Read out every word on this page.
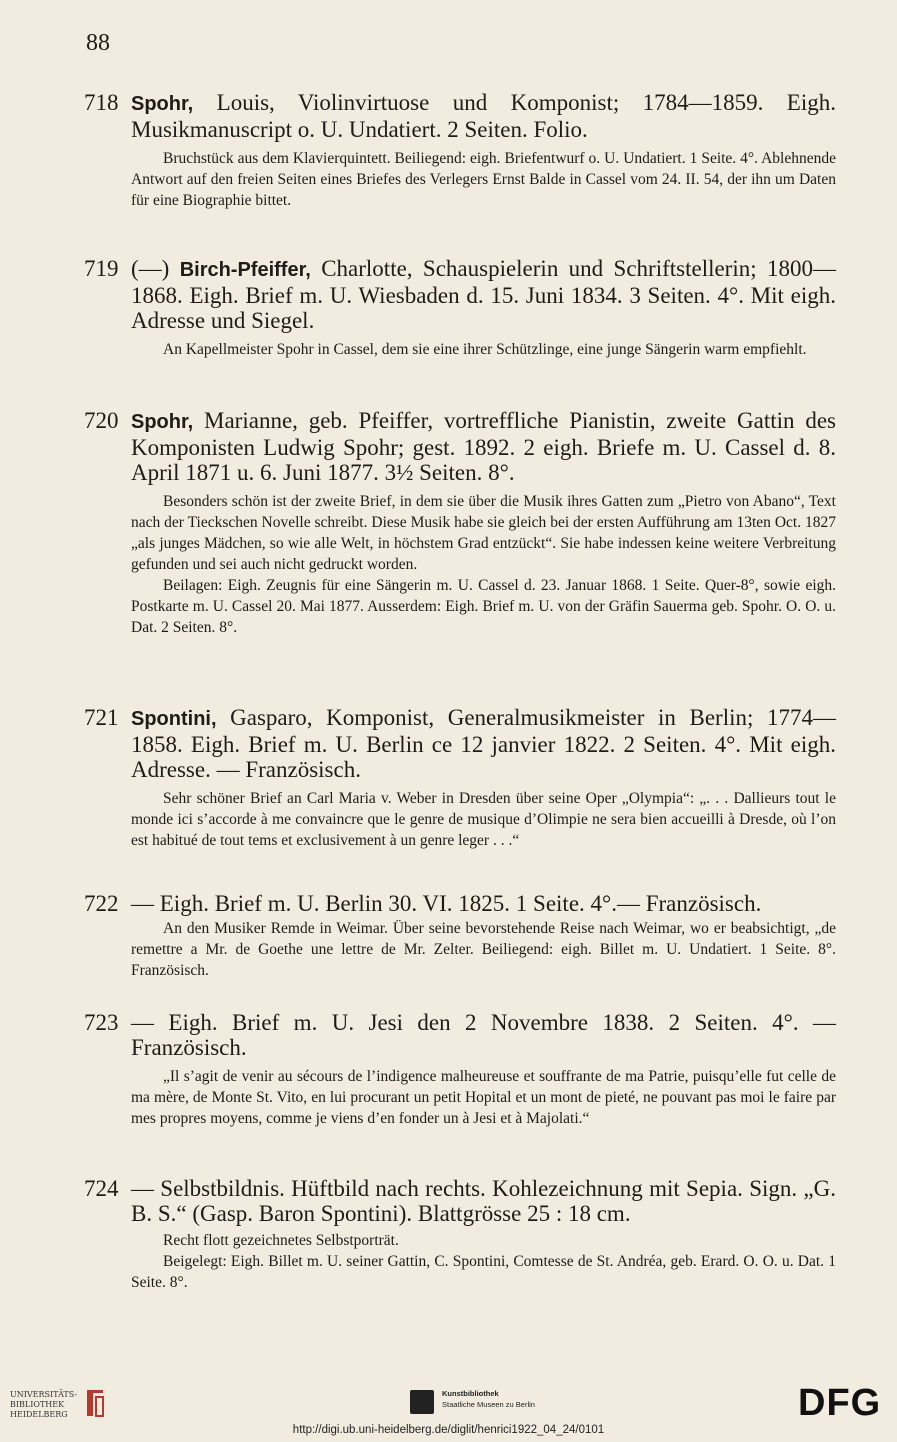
88
718 Spohr, Louis, Violinvirtuose und Komponist; 1784—1859. Eigh. Musikmanuscript o. U. Undatiert. 2 Seiten. Folio.
Bruchstück aus dem Klavierquintett. Beiliegend: eigh. Briefentwurf o. U. Undatiert. 1 Seite. 4°. Ablehnende Antwort auf den freien Seiten eines Briefes des Verlegers Ernst Balde in Cassel vom 24. II. 54, der ihn um Daten für eine Biographie bittet.
719 (—) Birch-Pfeiffer, Charlotte, Schauspielerin und Schriftstellerin; 1800—1868. Eigh. Brief m. U. Wiesbaden d. 15. Juni 1834. 3 Seiten. 4°. Mit eigh. Adresse und Siegel.
An Kapellmeister Spohr in Cassel, dem sie eine ihrer Schützlinge, eine junge Sängerin warm empfiehlt.
720 Spohr, Marianne, geb. Pfeiffer, vortreffliche Pianistin, zweite Gattin des Komponisten Ludwig Spohr; gest. 1892. 2 eigh. Briefe m. U. Cassel d. 8. April 1871 u. 6. Juni 1877. 3½ Seiten. 8°.
Besonders schön ist der zweite Brief, in dem sie über die Musik ihres Gatten zum „Pietro von Abano“, Text nach der Tieckschen Novelle schreibt. Diese Musik habe sie gleich bei der ersten Aufführung am 13ten Oct. 1827 „als junges Mädchen, so wie alle Welt, in höchstem Grad entzückt“. Sie habe indessen keine weitere Verbreitung gefunden und sei auch nicht gedruckt worden.
Beilagen: Eigh. Zeugnis für eine Sängerin m. U. Cassel d. 23. Januar 1868. 1 Seite. Quer-8°, sowie eigh. Postkarte m. U. Cassel 20. Mai 1877. Ausserdem: Eigh. Brief m. U. von der Gräfin Sauerma geb. Spohr. O. O. u. Dat. 2 Seiten. 8°.
721 Spontini, Gasparo, Komponist, Generalmusikmeister in Berlin; 1774—1858. Eigh. Brief m. U. Berlin ce 12 janvier 1822. 2 Seiten. 4°. Mit eigh. Adresse. — Französisch.
Sehr schöner Brief an Carl Maria v. Weber in Dresden über seine Oper „Olympia“: „. . . Dallieurs tout le monde ici s’accorde à me convaincre que le genre de musique d’Olimpie ne sera bien accueilli à Dresde, où l’on est habitué de tout tems et exclusivement à un genre leger . . .“
722 — Eigh. Brief m. U. Berlin 30. VI. 1825. 1 Seite. 4°.— Französisch.
An den Musiker Remde in Weimar. Über seine bevorstehende Reise nach Weimar, wo er beabsichtigt, „de remettre a Mr. de Goethe une lettre de Mr. Zelter. Beiliegend: eigh. Billet m. U. Undatiert. 1 Seite. 8°. Französisch.
723 — Eigh. Brief m. U. Jesi den 2 Novembre 1838. 2 Seiten. 4°. — Französisch.
„Il s’agit de venir au sécours de l’indigence malheureuse et souffrante de ma Patrie, puisqu’elle fut celle de ma mère, de Monte St. Vito, en lui procurant un petit Hopital et un mont de pieté, ne pouvant pas moi le faire par mes propres moyens, comme je viens d’en fonder un à Jesi et à Majolati.“
724 — Selbstbildnis. Hüftbild nach rechts. Kohlezeichnung mit Sepia. Sign. „G. B. S.“ (Gasp. Baron Spontini). Blattgrösse 25 : 18 cm.
Recht flott gezeichnetes Selbstporträt.
Beigelegt: Eigh. Billet m. U. seiner Gattin, C. Spontini, Comtesse de St. Andréa, geb. Erard. O. O. u. Dat. 1 Seite. 8°.
UNIVERSITÄTS-
BIBLIOTHEK
HEIDELBERG
Kunstbibliothek
Staatliche Museen zu Berlin	DFG
http://digi.ub.uni-heidelberg.de/diglit/henrici1922_04_24/0101
